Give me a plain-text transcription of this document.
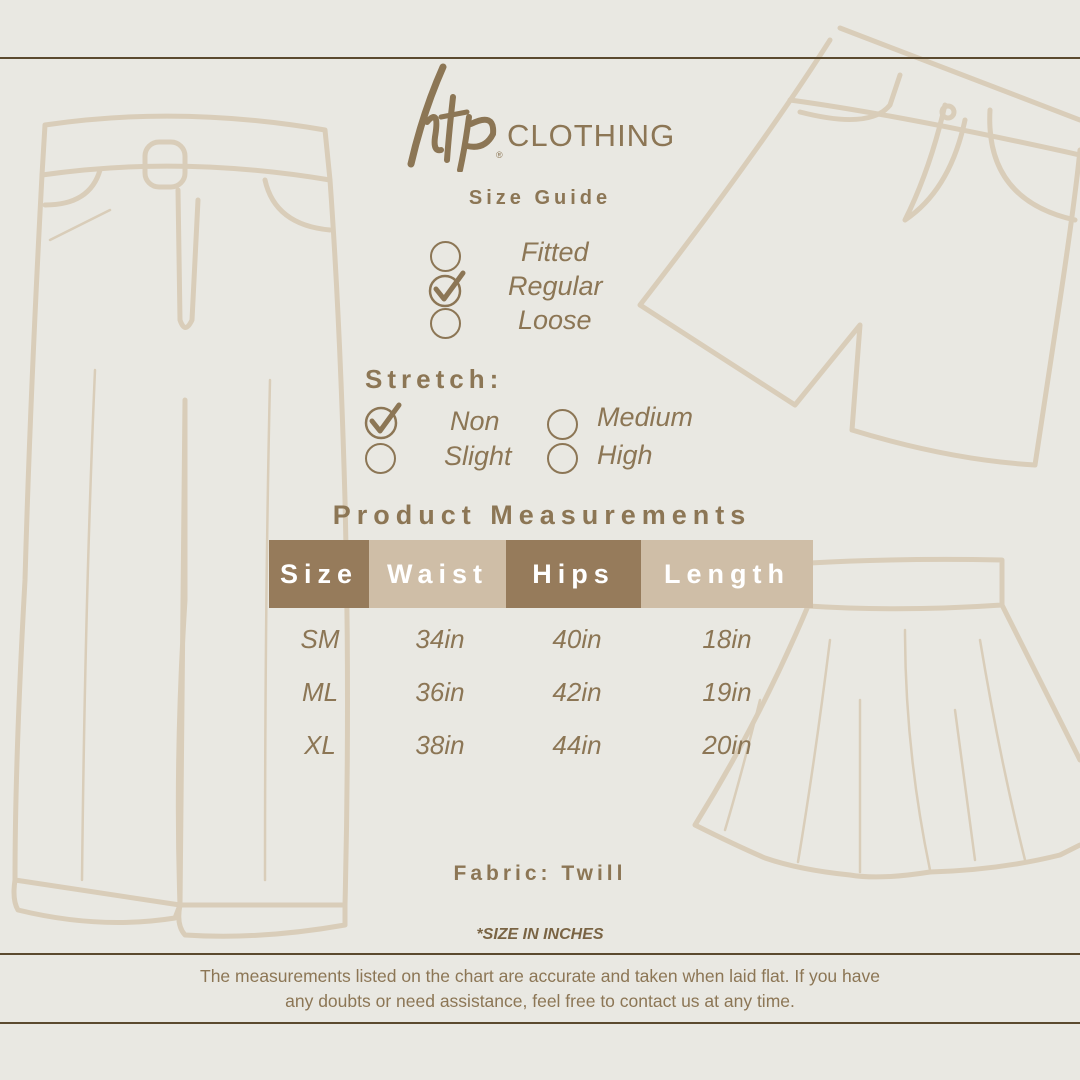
®
CLOTHING
Size Guide
Fitted
Regular
Loose
Stretch:
Non
Slight
Medium
High
Product Measurements
Size	Waist	Hips	Length
SM	34in	40in	18in
ML	36in	42in	19in
XL	38in	44in	20in
Fabric: Twill
*SIZE IN INCHES
The measurements listed on the chart are accurate and taken when laid flat. If you have
any doubts or need assistance, feel free to contact us at any time.
